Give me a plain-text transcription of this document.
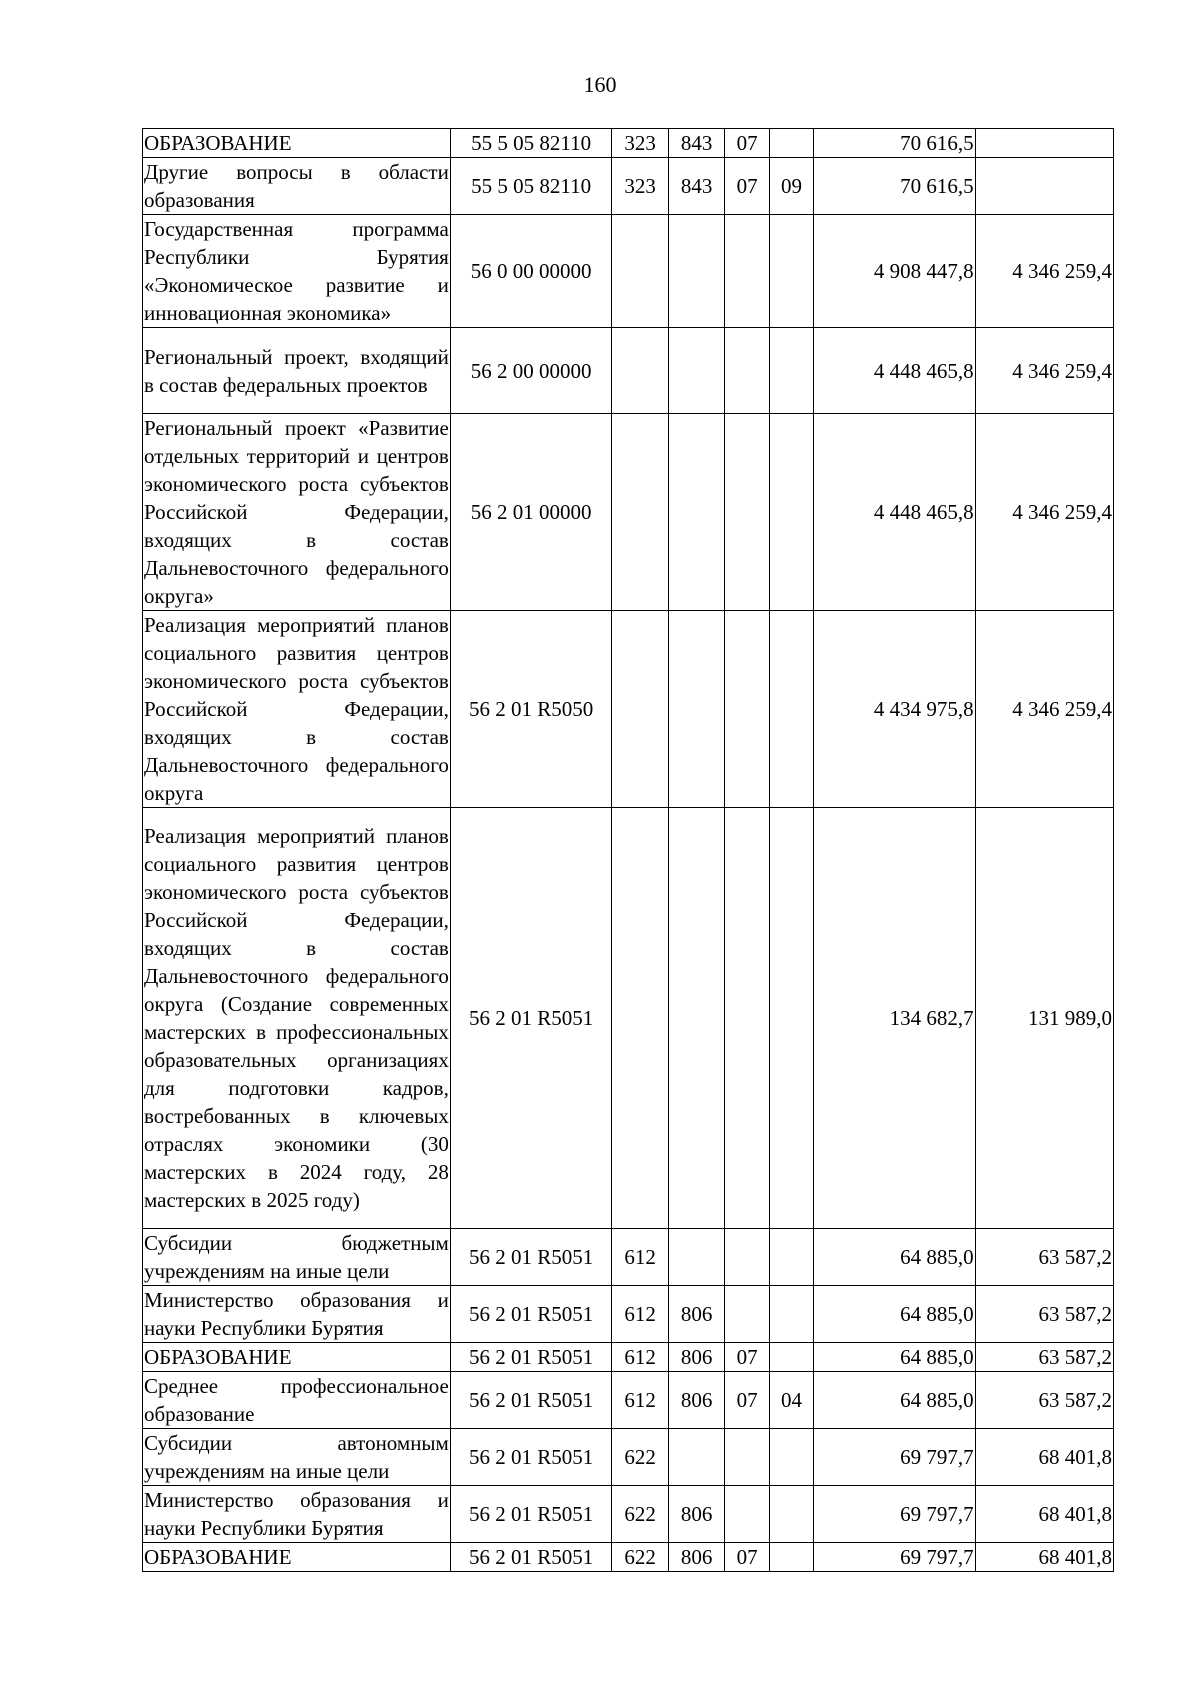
160
ОБРАЗОВАНИЕ	55 5 05 82110	323	843	07		70 616,5	
Другие вопросы в области образования	55 5 05 82110	323	843	07	09	70 616,5	
Государственная программа Республики Бурятия «Экономическое развитие и инновационная экономика»	56 0 00 00000					4 908 447,8	4 346 259,4
Региональный проект, входящий в состав федеральных проектов	56 2 00 00000					4 448 465,8	4 346 259,4
Региональный проект «Развитие отдельных территорий и центров экономического роста субъектов Российской Федерации, входящих в состав Дальневосточного федерального округа»	56 2 01 00000					4 448 465,8	4 346 259,4
Реализация мероприятий планов социального развития центров экономического роста субъектов Российской Федерации, входящих в состав Дальневосточного федерального округа	56 2 01 R5050					4 434 975,8	4 346 259,4
Реализация мероприятий планов социального развития центров экономического роста субъектов Российской Федерации, входящих в состав Дальневосточного федерального округа (Создание современных мастерских в профессиональных образовательных организациях для подготовки кадров, востребованных в ключевых отраслях экономики (30 мастерских в 2024 году, 28 мастерских в 2025 году)	56 2 01 R5051					134 682,7	131 989,0
Субсидии бюджетным учреждениям на иные цели	56 2 01 R5051	612				64 885,0	63 587,2
Министерство образования и науки Республики Бурятия	56 2 01 R5051	612	806			64 885,0	63 587,2
ОБРАЗОВАНИЕ	56 2 01 R5051	612	806	07		64 885,0	63 587,2
Среднее профессиональное образование	56 2 01 R5051	612	806	07	04	64 885,0	63 587,2
Субсидии автономным учреждениям на иные цели	56 2 01 R5051	622				69 797,7	68 401,8
Министерство образования и науки Республики Бурятия	56 2 01 R5051	622	806			69 797,7	68 401,8
ОБРАЗОВАНИЕ	56 2 01 R5051	622	806	07		69 797,7	68 401,8
